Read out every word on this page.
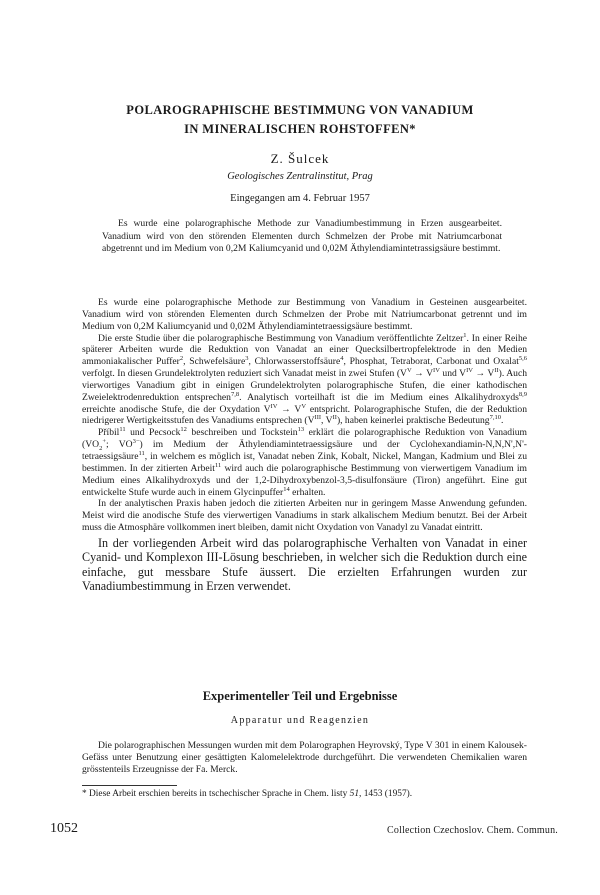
POLAROGRAPHISCHE BESTIMMUNG VON VANADIUM
IN MINERALISCHEN ROHSTOFFEN*
Z. Šulcek
Geologisches Zentralinstitut, Prag
Eingegangen am 4. Februar 1957
Es wurde eine polarographische Methode zur Vanadiumbestimmung in Erzen ausgearbeitet. Vanadium wird von den störenden Elementen durch Schmelzen der Probe mit Natriumcarbonat abgetrennt und im Medium von 0,2M Kaliumcyanid und 0,02M Äthylendiamintetrassigsäure bestimmt.

Es wurde eine polarographische Methode zur Bestimmung von Vanadium in Gesteinen ausgearbeitet. Vanadium wird von störenden Elementen durch Schmelzen der Probe mit Natriumcarbonat getrennt und im Medium von 0,2M Kaliumcyanid und 0,02M Äthylendiamintetraessigsäure bestimmt.

Die erste Studie über die polarographische Bestimmung von Vanadium veröffentlichte Zeltzer$^1$. In einer Reihe späterer Arbeiten wurde die Reduktion von Vanadat an einer Quecksilbertropfelektrode in den Medien ammoniakalischer Puffer$^2$, Schwefelsäure$^3$, Chlorwasserstoffsäure$^4$, Phosphat, Tetraborat, Carbonat und Oxalat$^{5,6}$ verfolgt. In diesen Grundelektrolyten reduziert sich Vanadat meist in zwei Stufen ($V^V \to V^{IV}$ und $V^{IV} \to V^{II}$). Auch vierwortiges Vanadium gibt in einigen Grundelektrolyten polarographische Stufen, die einer kathodischen Zweielektrodenreduktion entsprechen$^{7,8}$. Analytisch vorteilhaft ist die im Medium eines Alkalihydroxyds$^{8,9}$ erreichte anodische Stufe, die der Oxydation $V^{IV} \to V^V$ entspricht. Polarographische Stufen, die der Reduktion niedrigerer Wertigkeitsstufen des Vanadiums entsprechen ($V^{III}$, $V^{II}$), haben keinerlei praktische Bedeutung$^{7,10}$.

Příbil$^{11}$ und Pecsock$^{12}$ beschreiben und Tockstein$^{13}$ erklärt die polarographische Reduktion von Vanadium ($VO_2^+$; $VO^{3-}$) im Medium der Äthylendiamintetraessigsäure und der Cyclohexandiamin-N,N,N',N'-tetraessigsäure$^{11}$, in welchem es möglich ist, Vanadat neben Zink, Kobalt, Nickel, Mangan, Kadmium und Blei zu bestimmen. In der zitierten Arbeit$^{11}$ wird auch die polarographische Bestimmung von vierwertigem Vanadium im Medium eines Alkalihydroxyds und der 1,2-Dihydroxybenzol-3,5-disulfonsäure (Tiron) angeführt. Eine gut entwickelte Stufe wurde auch in einem Glycinpuffer$^{14}$ erhalten.

In der analytischen Praxis haben jedoch die zitierten Arbeiten nur in geringem Masse Anwendung gefunden. Meist wird die anodische Stufe des vierwertigen Vanadiums in stark alkalischem Medium benutzt. Bei der Arbeit muss die Atmosphäre vollkommen inert bleiben, damit nicht Oxydation von Vanadyl zu Vanadat eintritt.

In der vorliegenden Arbeit wird das polarographische Verhalten von Vanadat in einer Cyanid- und Komplexon III-Lösung beschrieben, in welcher sich die Reduktion durch eine einfache, gut messbare Stufe äussert. Die erzielten Erfahrungen wurden zur Vanadiumbestimmung in Erzen verwendet.

Experimenteller Teil und Ergebnisse
Apparatur und Reagenzien

Die polarographischen Messungen wurden mit dem Polarographen Heyrovský, Type V 301 in einem Kalousek-Gefäss unter Benutzung einer gesättigten Kalomelelektrode durchgeführt. Die verwendeten Chemikalien waren grösstenteils Erzeugnisse der Fa. Merck.

* Diese Arbeit erschien bereits in tschechischer Sprache in Chem. listy 51, 1453 (1957).
1052	Collection Czechoslov. Chem. Commun.
